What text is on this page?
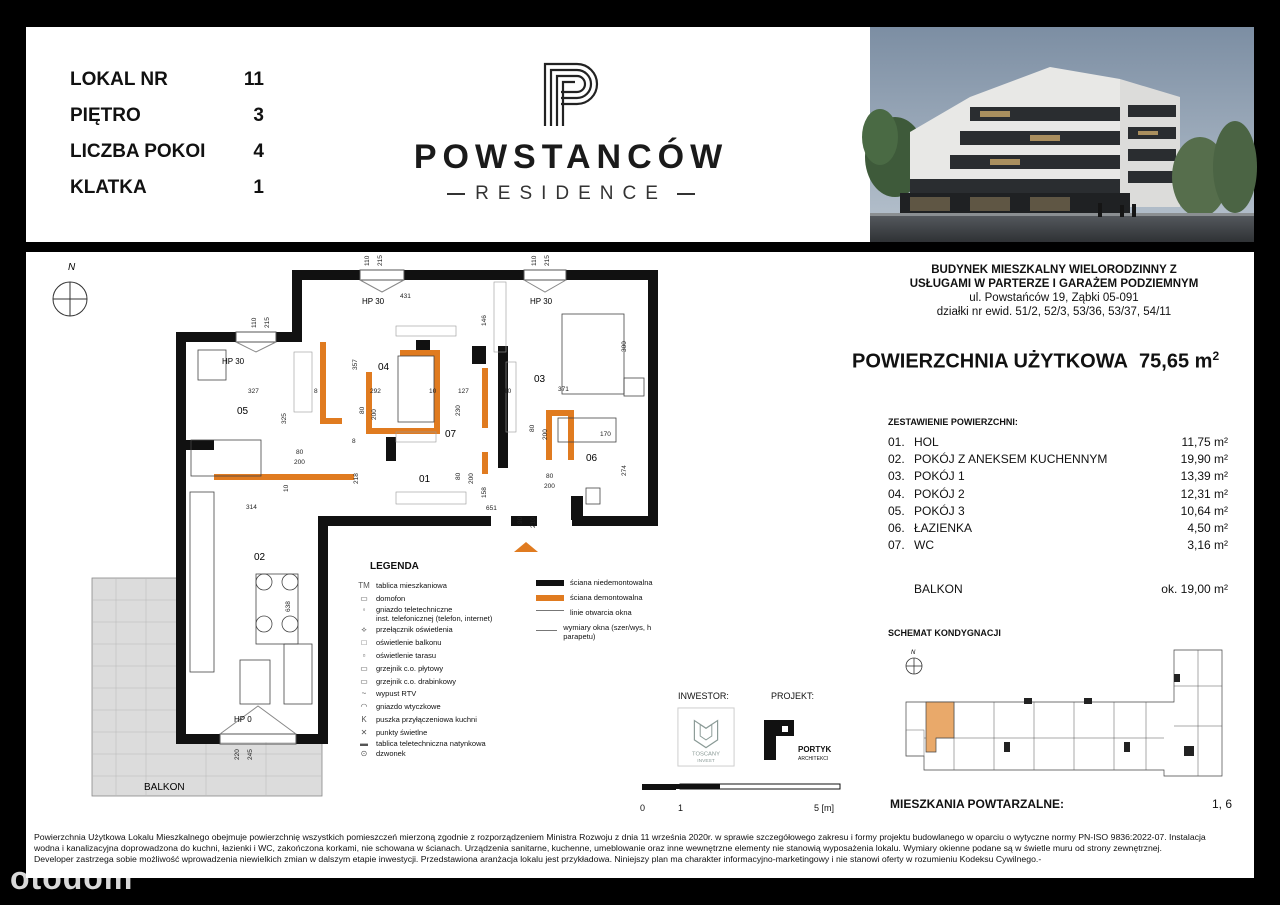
LOKAL NR	11
PIĘTRO	3
LICZBA POKOI	4
KLATKA	1
POWSTANCÓW
RESIDENCE
N
01
02
03
04
05
06
07
BALKON
HP 30	HP 30
HP 30
HP 0
110 215	110 215
110 215
220 245
431
327	292	371
300
314
638
357
325
218
146
127
230
158
170
274
651
90 210
80
200
80 200
80 200
80
200
80
200
10	10
10
8
8
0	1	5 [m]
LEGENDA
TM tablica mieszkaniowa
▭	domofon
◦	gniazdo teletechniczne
inst. telefonicznej (telefon, internet)
⟡	przełącznik oświetlenia
□	oświetlenie balkonu
▫	oświetlenie tarasu
▭	grzejnik c.o. płytowy
▭	grzejnik c.o. drabinkowy
~	wypust RTV
◠	gniazdo wtyczkowe
K	puszka przyłączeniowa kuchni
✕	punkty świetlne
▬	tablica teletechniczna natynkowa
⊙	dzwonek
ściana niedemontowalna
ściana demontowalna
linie otwarcia okna
wymiary okna (szer/wys, h parapetu)
INWESTOR:	PROJEKT:
TOSCANY
INVEST
PORTYK
ARCHITEKCI
BUDYNEK MIESZKALNY WIELORODZINNY Z
USŁUGAMI W PARTERZE I GARAŻEM PODZIEMNYM
ul. Powstańców 19, Ząbki 05-091
działki nr ewid. 51/2, 52/3, 53/36, 53/37, 54/11
POWIERZCHNIA UŻYTKOWA 75,65 $m^2$
ZESTAWIENIE POWIERZCHNI:
01. HOL	11,75 m²
02. POKÓJ Z ANEKSEM KUCHENNYM	19,90 m²
03. POKÓJ 1	13,39 m²
04. POKÓJ 2	12,31 m²
05. POKÓJ 3	10,64 m²
06. ŁAZIENKA	4,50 m²
07. WC	3,16 m²
BALKON	ok. 19,00 m²
SCHEMAT KONDYGNACJI
N
MIESZKANIA POWTARZALNE:	1, 6
Powierzchnia Użytkowa Lokalu Mieszkalnego obejmuje powierzchnię wszystkich pomieszczeń mierzoną zgodnie z rozporządzeniem Ministra Rozwoju z dnia 11 września 2020r. w sprawie szczegółowego zakresu i formy projektu budowlanego w oparciu o wytyczne normy PN-ISO 9836:2022-07. Instalacja
wodna i kanalizacyjna doprowadzona do kuchni, łazienki i WC, zakończona korkami, nie schowana w ścianach. Urządzenia sanitarne, kuchenne, umeblowanie oraz inne wewnętrzne elementy nie stanowią wyposażenia lokalu. Wymiary okienne podane są w świetle muru od strony zewnętrznej.
Developer zastrzega sobie możliwość wprowadzenia niewielkich zmian w dalszym etapie inwestycji. Przedstawiona aranżacja lokalu jest przykładowa. Niniejszy plan ma charakter informacyjno-marketingowy i nie stanowi oferty w rozumieniu Kodeksu Cywilnego.-
otodom
